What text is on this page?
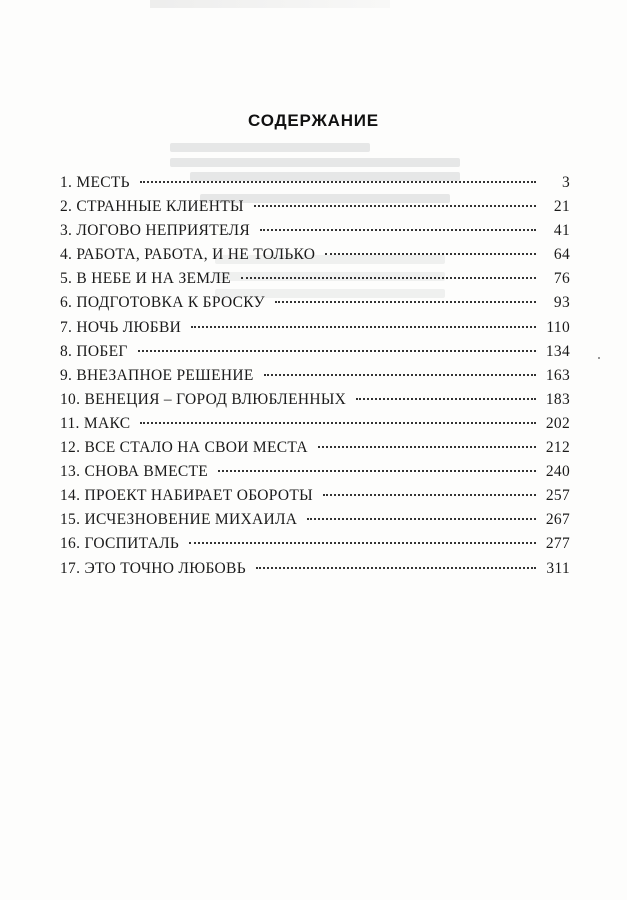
СОДЕРЖАНИЕ
1. МЕСТЬ	3
2. СТРАННЫЕ КЛИЕНТЫ	21
3. ЛОГОВО НЕПРИЯТЕЛЯ	41
4. РАБОТА, РАБОТА, И НЕ ТОЛЬКО	64
5. В НЕБЕ И НА ЗЕМЛЕ	76
6. ПОДГОТОВКА К БРОСКУ	93
7. НОЧЬ ЛЮБВИ	110
8. ПОБЕГ	134
9. ВНЕЗАПНОЕ РЕШЕНИЕ	163
10. ВЕНЕЦИЯ – ГОРОД ВЛЮБЛЕННЫХ	183
11. МАКС	202
12. ВСЕ СТАЛО НА СВОИ МЕСТА	212
13. СНОВА ВМЕСТЕ	240
14. ПРОЕКТ НАБИРАЕТ ОБОРОТЫ	257
15. ИСЧЕЗНОВЕНИЕ МИХАИЛА	267
16. ГОСПИТАЛЬ	277
17. ЭТО ТОЧНО ЛЮБОВЬ	311
